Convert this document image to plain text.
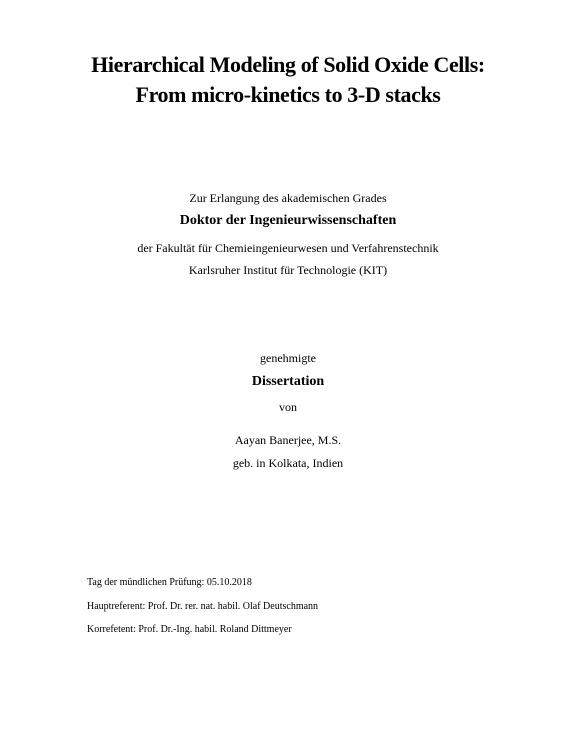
Hierarchical Modeling of Solid Oxide Cells:
From micro-kinetics to 3-D stacks
Zur Erlangung des akademischen Grades
Doktor der Ingenieurwissenschaften
der Fakultät für Chemieingenieurwesen und Verfahrenstechnik
Karlsruher Institut für Technologie (KIT)
genehmigte
Dissertation
von
Aayan Banerjee, M.S.
geb. in Kolkata, Indien
Tag der mündlichen Prüfung: 05.10.2018
Hauptreferent: Prof. Dr. rer. nat. habil. Olaf Deutschmann
Korrefetent: Prof. Dr.-Ing. habil. Roland Dittmeyer
